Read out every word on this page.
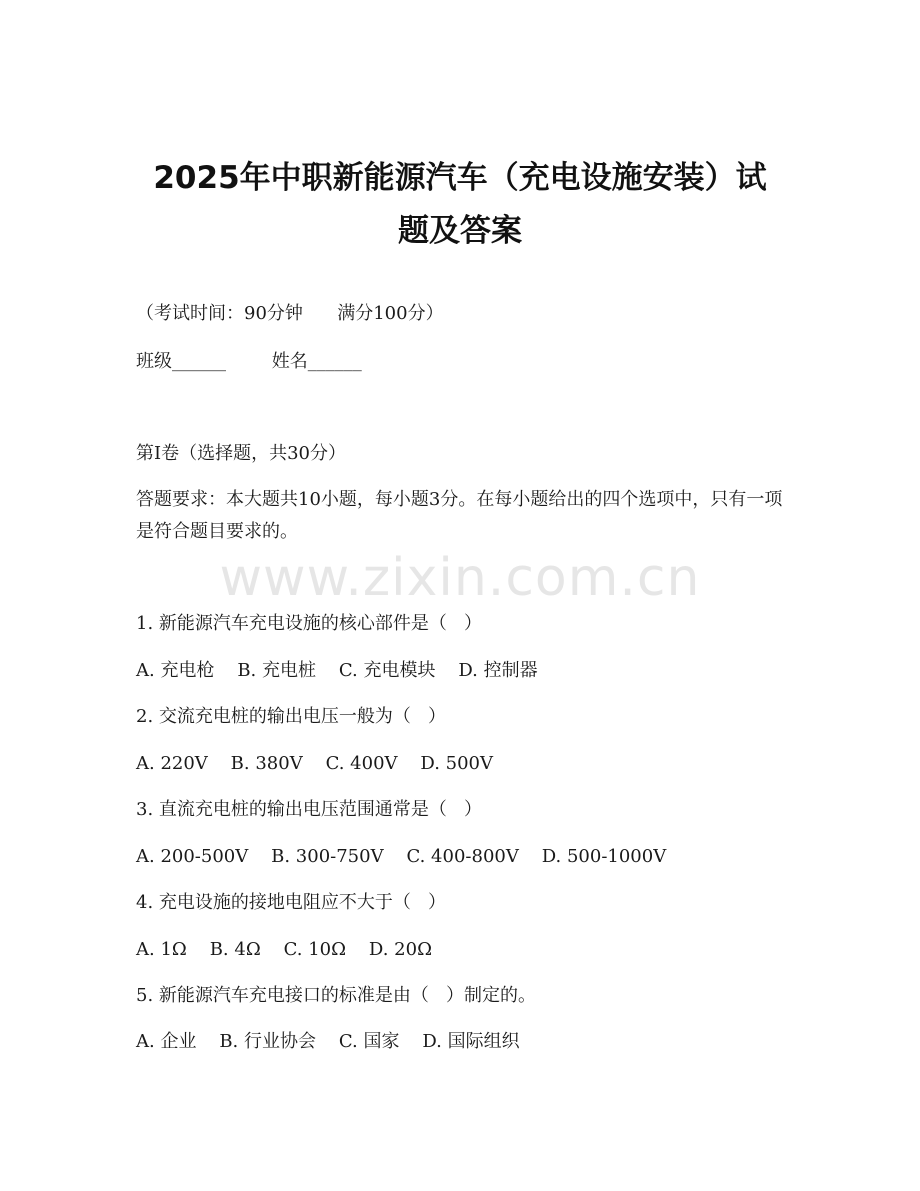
2025年中职新能源汽车（充电设施安装）试
题及答案
（考试时间：90分钟      满分100分）
班级______        姓名______
第I卷（选择题，共30分）
答题要求：本大题共10小题，每小题3分。在每小题给出的四个选项中，只有一项是符合题目要求的。
www.zixin.com.cn
1. 新能源汽车充电设施的核心部件是（   ）
A. 充电枪    B. 充电桩    C. 充电模块    D. 控制器
2. 交流充电桩的输出电压一般为（   ）
A. 220V    B. 380V    C. 400V    D. 500V
3. 直流充电桩的输出电压范围通常是（   ）
A. 200-500V    B. 300-750V    C. 400-800V    D. 500-1000V
4. 充电设施的接地电阻应不大于（   ）
A. 1Ω    B. 4Ω    C. 10Ω    D. 20Ω
5. 新能源汽车充电接口的标准是由（   ）制定的。
A. 企业    B. 行业协会    C. 国家    D. 国际组织
